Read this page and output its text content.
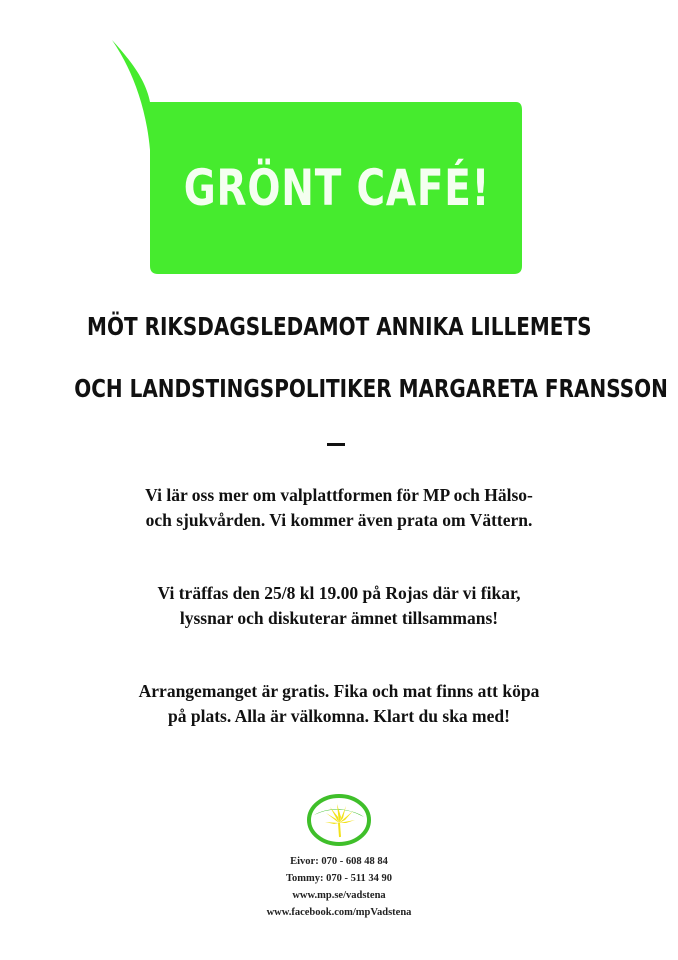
GRÖNT CAFÉ!
MÖT RIKSDAGSLEDAMOT ANNIKA LILLEMETS
OCH LANDSTINGSPOLITIKER MARGARETA FRANSSON
Vi lär oss mer om valplattformen för MP och Hälso-
och sjukvården. Vi kommer även prata om Vättern.
Vi träffas den 25/8 kl 19.00 på Rojas där vi fikar,
lyssnar och diskuterar ämnet tillsammans!
Arrangemanget är gratis. Fika och mat finns att köpa
på plats. Alla är välkomna. Klart du ska med!
Eivor: 070 - 608 48 84
Tommy: 070 - 511 34 90
www.mp.se/vadstena
www.facebook.com/mpVadstena
